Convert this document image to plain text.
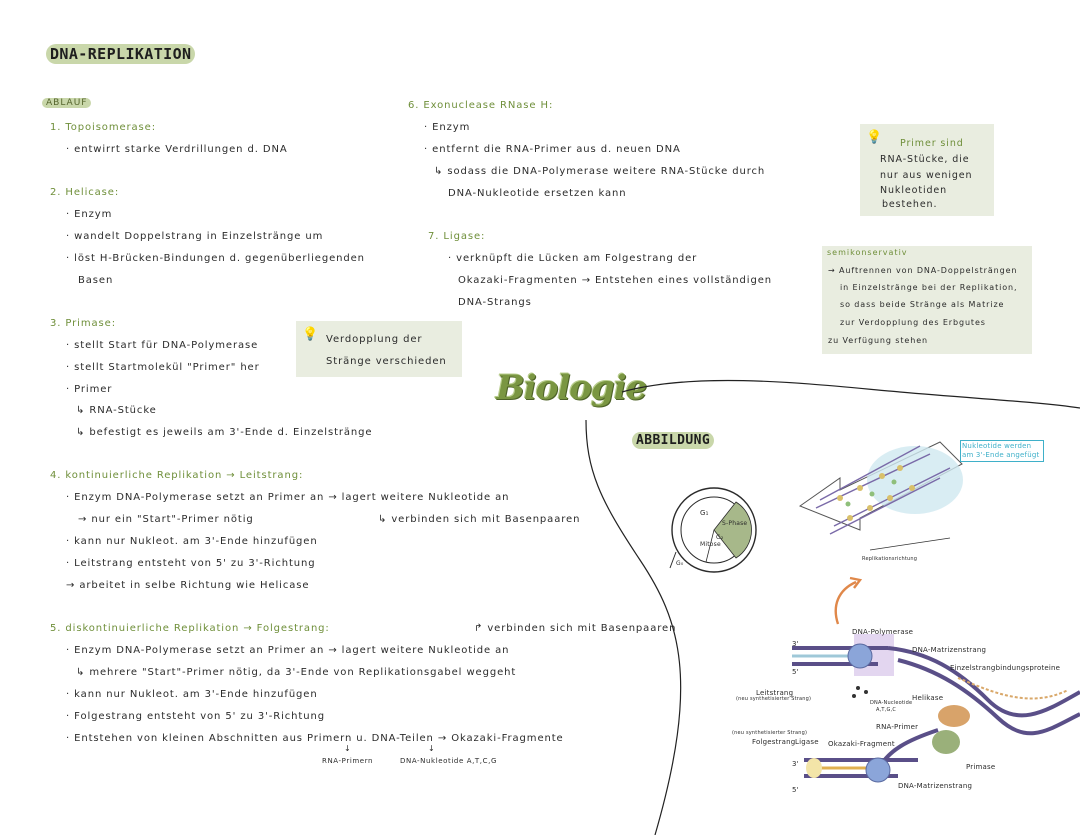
DNA-REPLIKATION
ABLAUF
1. Topoisomerase:
· entwirrt starke Verdrillungen d. DNA
2. Helicase:
· Enzym
· wandelt Doppelstrang in Einzelstränge um
· löst H-Brücken-Bindungen d. gegenüberliegenden
Basen
3. Primase:
· stellt Start für DNA-Polymerase
· stellt Startmolekül "Primer" her
· Primer
↳ RNA-Stücke
↳ befestigt es jeweils am 3'-Ende d. Einzelstränge
💡 Verdopplung der
Stränge verschieden
4. kontinuierliche Replikation → Leitstrang:
· Enzym DNA-Polymerase setzt an Primer an → lagert weitere Nukleotide an
→ nur ein "Start"-Primer nötig	↳ verbinden sich mit Basenpaaren
· kann nur Nukleot. am 3'-Ende hinzufügen
· Leitstrang entsteht von 5' zu 3'-Richtung
→ arbeitet in selbe Richtung wie Helicase
5. diskontinuierliche Replikation → Folgestrang:	↱ verbinden sich mit Basenpaaren
· Enzym DNA-Polymerase setzt an Primer an → lagert weitere Nukleotide an
↳ mehrere "Start"-Primer nötig, da 3'-Ende von Replikationsgabel weggeht
· kann nur Nukleot. am 3'-Ende hinzufügen
· Folgestrang entsteht von 5' zu 3'-Richtung
· Entstehen von kleinen Abschnitten aus Primern u. DNA-Teilen → Okazaki-Fragmente
↓	↓
RNA-Primern	DNA-Nukleotide A,T,C,G
6. Exonuclease RNase H:
· Enzym
· entfernt die RNA-Primer aus d. neuen DNA
↳ sodass die DNA-Polymerase weitere RNA-Stücke durch
DNA-Nukleotide ersetzen kann
7. Ligase:
· verknüpft die Lücken am Folgestrang der
Okazaki-Fragmenten → Entstehen eines vollständigen
DNA-Strangs
💡 Primer sind
RNA-Stücke, die
nur aus wenigen
Nukleotiden
bestehen.
semikonservativ
→ Auftrennen von DNA-Doppelsträngen
in Einzelstränge bei der Replikation,
so dass beide Stränge als Matrize
zur Verdopplung des Erbgutes
zu Verfügung stehen
Biologie
ABBILDUNG
G₁
S-Phase
G₂
Mitose
G₀
Nukleotide werden am 3'-Ende angefügt
Replikationsrichtung
DNA-Polymerase
DNA-Matrizenstrang
Einzelstrangbindungsproteine
Helikase
DNA-Nucleotide
A,T,G,C
Leitstrang
(neu synthetisierter Strang)
RNA-Primer
(neu synthetisierter Strang)
Folgestrang Ligase Okazaki-Fragment
Primase
DNA-Matrizenstrang
3'
5'
3'
5'
